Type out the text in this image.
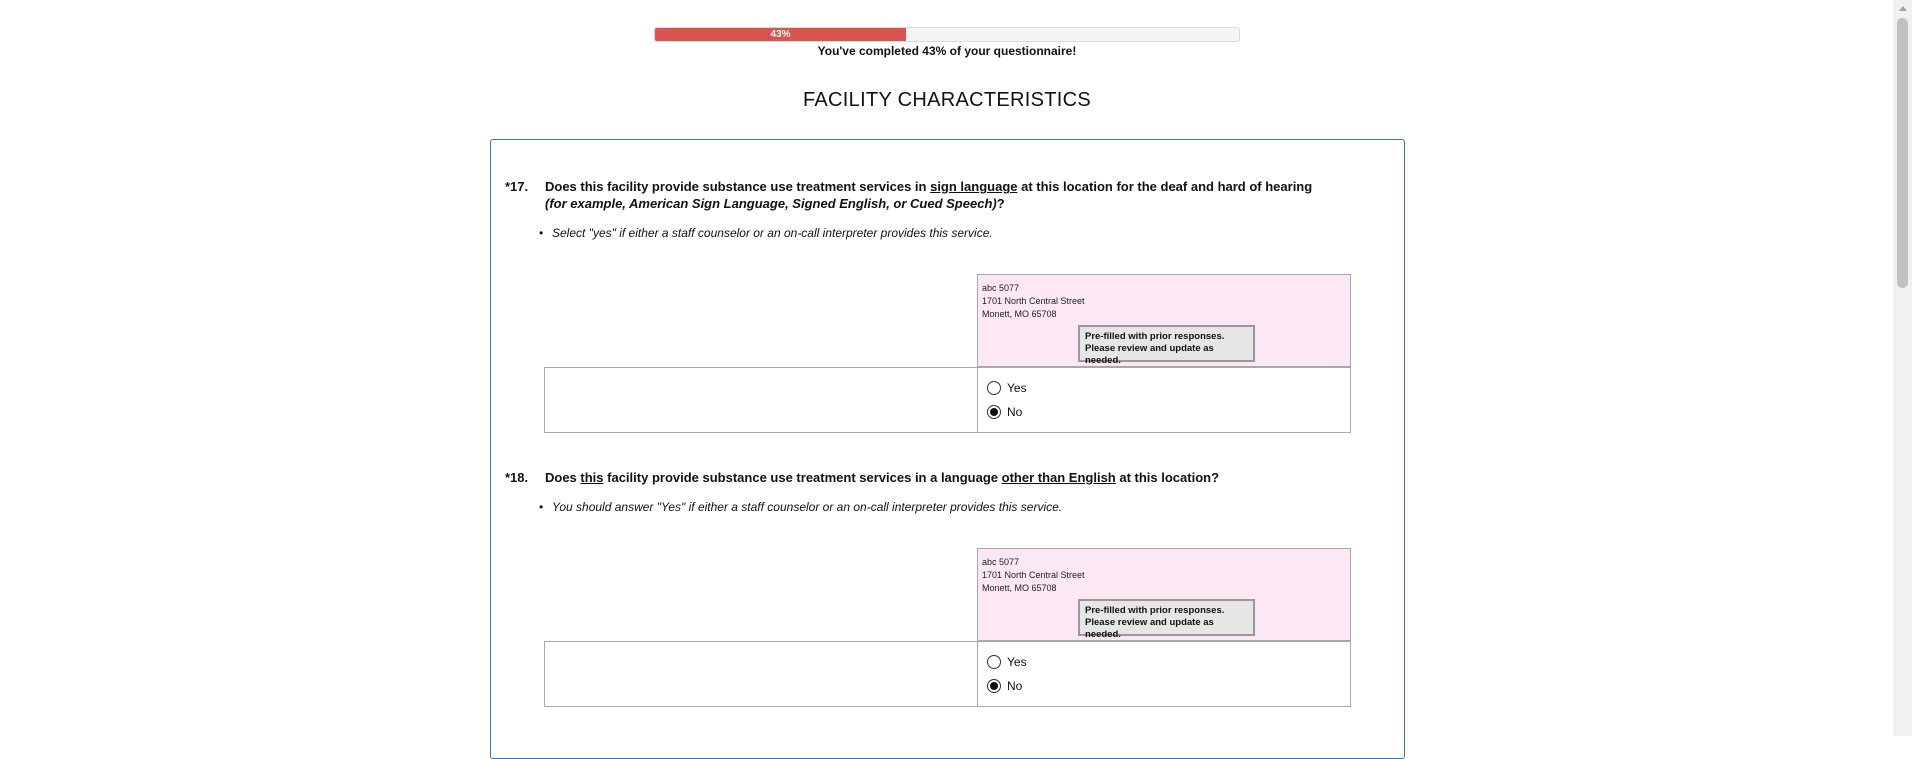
43%
You've completed 43% of your questionnaire!
FACILITY CHARACTERISTICS
*17. Does this facility provide substance use treatment services in sign language at this location for the deaf and hard of hearing (for example, American Sign Language, Signed English, or Cued Speech)?
• Select "yes" if either a staff counselor or an on-call interpreter provides this service.
abc 5077
1701 North Central Street
Monett, MO 65708
Pre-filled with prior responses.
Please review and update as needed.
Yes
No
*18. Does this facility provide substance use treatment services in a language other than English at this location?
• You should answer "Yes" if either a staff counselor or an on-call interpreter provides this service.
abc 5077
1701 North Central Street
Monett, MO 65708
Pre-filled with prior responses.
Please review and update as needed.
Yes
No
